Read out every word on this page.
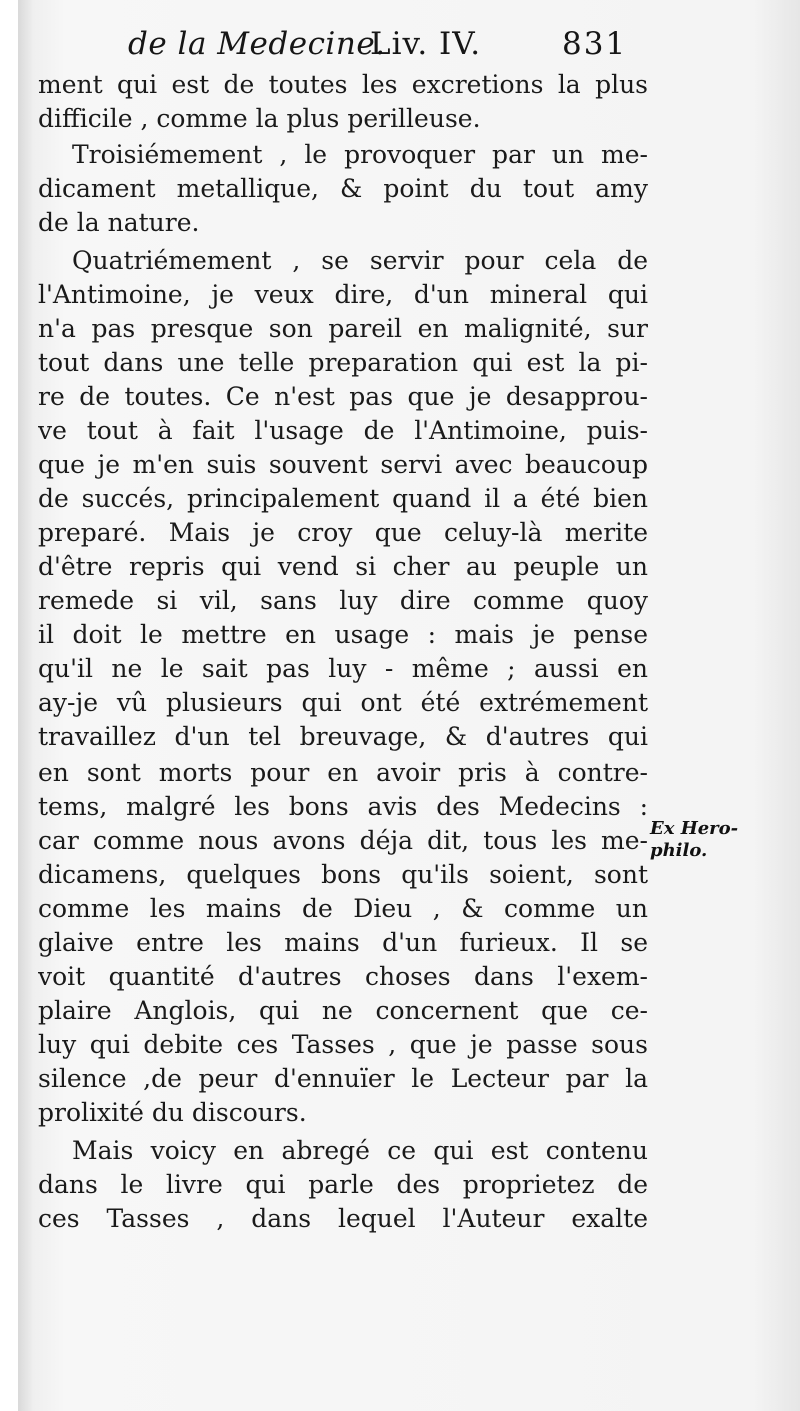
de la Medecine.
Liv. IV.	831
ment qui est de toutes les excretions la plus
difficile , comme la plus perilleuse.
Troisiémement , le provoquer par un me-
dicament metallique, & point du tout amy
de la nature.
Quatriémement , se servir pour cela de
l'Antimoine, je veux dire, d'un mineral qui
n'a pas presque son pareil en malignité, sur
tout dans une telle preparation qui est la pi-
re de toutes. Ce n'est pas que je desapprou-
ve tout à fait l'usage de l'Antimoine, puis-
que je m'en suis souvent servi avec beaucoup
de succés, principalement quand il a été bien
preparé. Mais je croy que celuy-là merite
d'être repris qui vend si cher au peuple un
remede si vil, sans luy dire comme quoy
il doit le mettre en usage : mais je pense
qu'il ne le sait pas luy - même ; aussi en
ay-je vû plusieurs qui ont été extrémement
travaillez d'un tel breuvage, & d'autres qui
en sont morts pour en avoir pris à contre-
tems, malgré les bons avis des Medecins :
car comme nous avons déja dit, tous les me-
dicamens, quelques bons qu'ils soient, sont
comme les mains de Dieu , & comme un
glaive entre les mains d'un furieux. Il se
voit quantité d'autres choses dans l'exem-
plaire Anglois, qui ne concernent que ce-
luy qui debite ces Tasses , que je passe sous
silence ,de peur d'ennuïer le Lecteur par la
prolixité du discours.
Mais voicy en abregé ce qui est contenu
dans le livre qui parle des proprietez de
ces Tasses , dans lequel l'Auteur exalte
Ex Hero-
philo.
